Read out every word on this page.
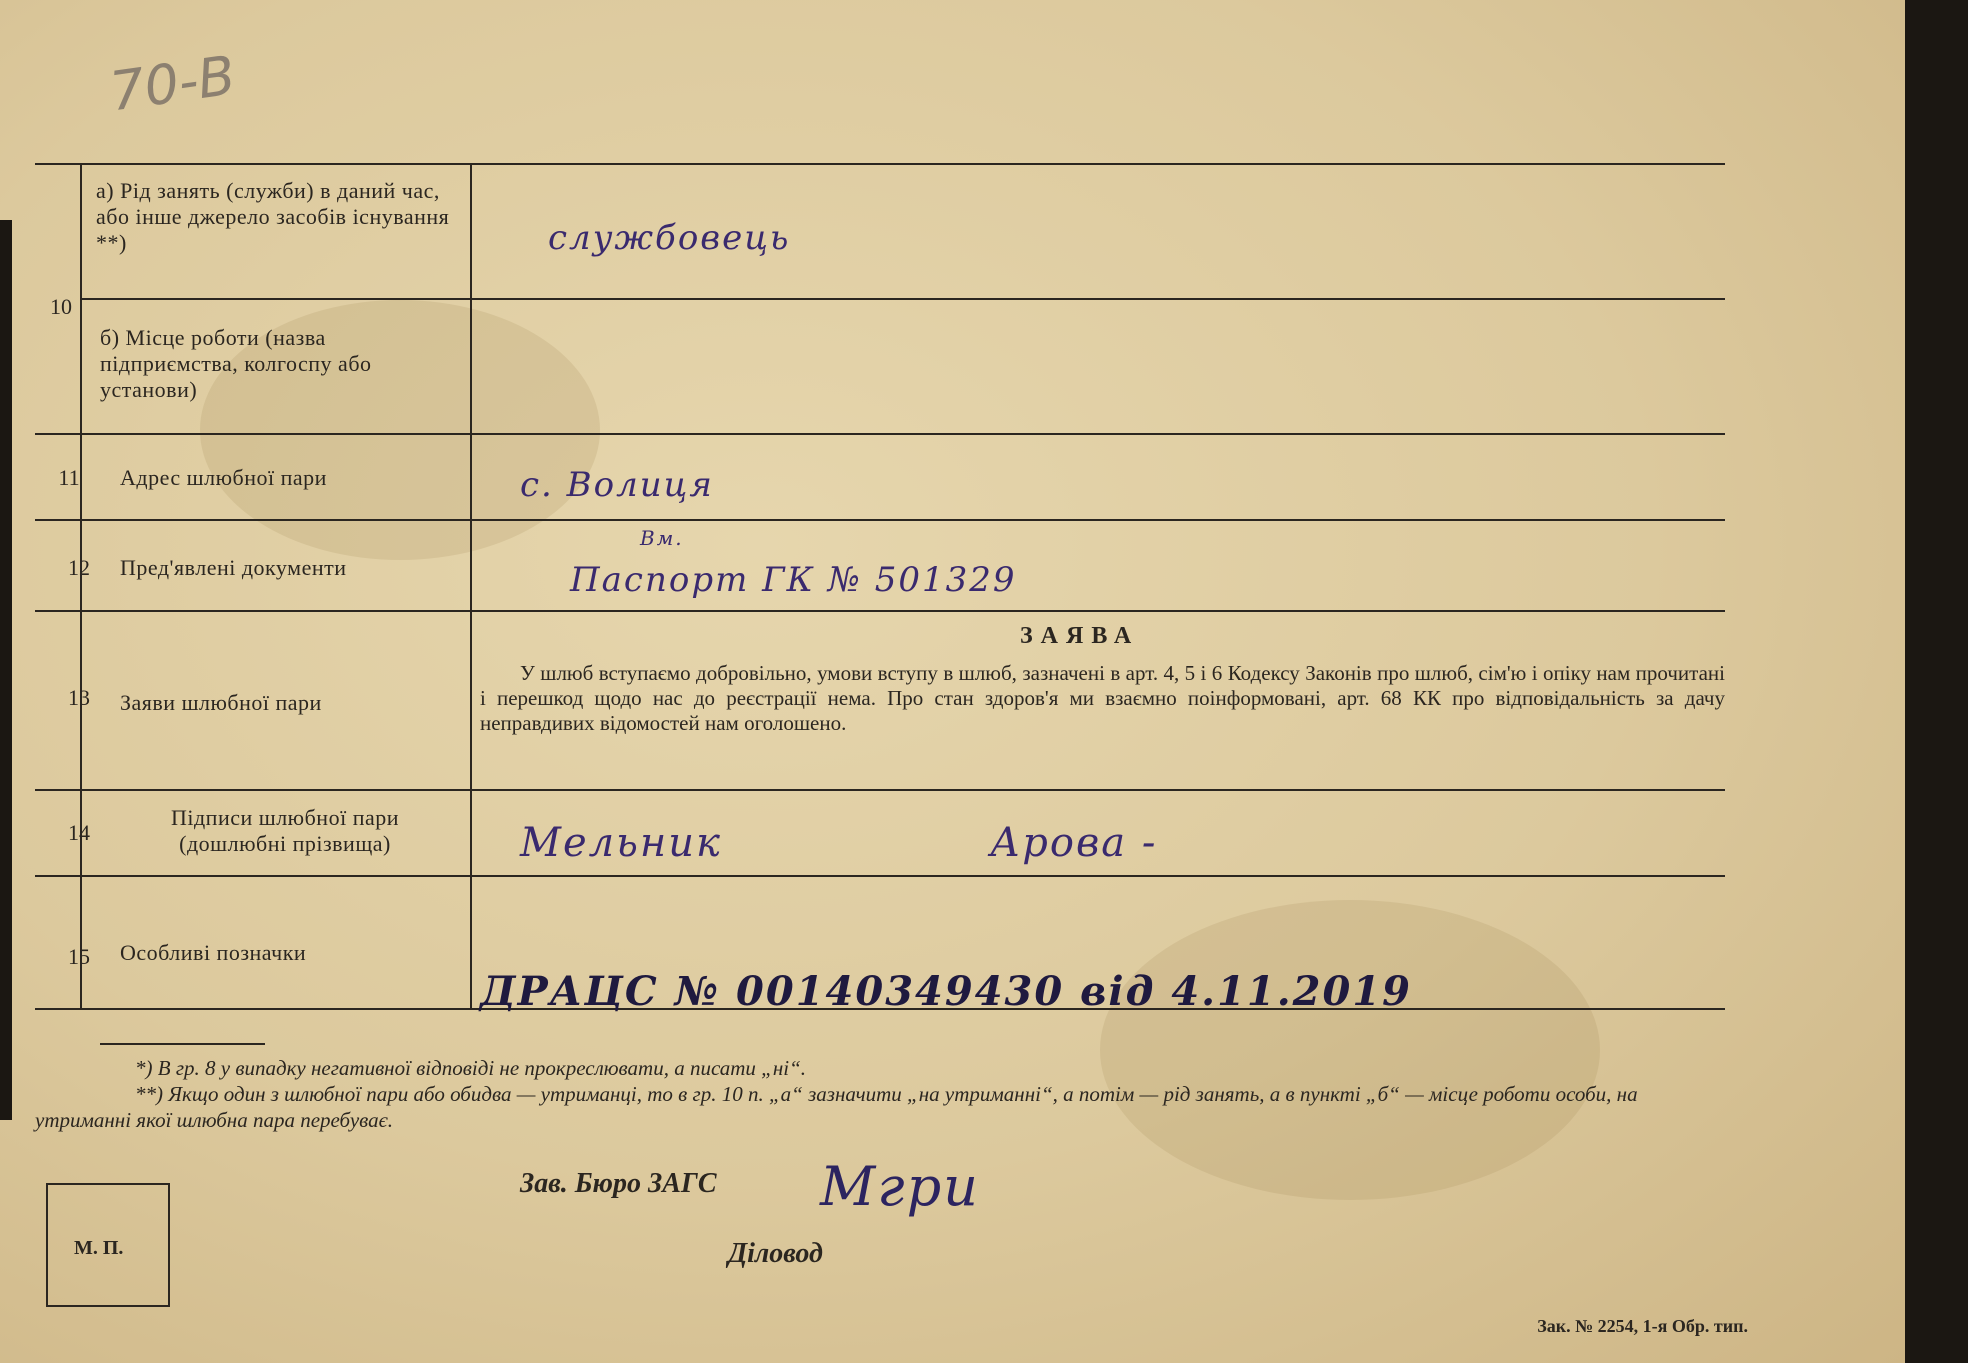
70-В
10
11
12
13
14
15
а) Рід занять (служби) в даний час, або інше джерело засобів існування **)
б) Місце роботи (назва підприємства, колгоспу або установи)
Адрес шлюбної пари
Пред'явлені документи
Заяви шлюбної пари
Підписи шлюбної пари (дошлюбні прізвища)
Особливі позначки
службовець
с. Волиця
Вм.
Паспорт ГК № 501329
ДРАЦС № 00140349430 від 4.11.2019
ЗАЯВА
У шлюб вступаємо добровільно, умови вступу в шлюб, зазначені в арт. 4, 5 і 6 Кодексу Законів про шлюб, сім'ю і опіку нам прочитані і перешкод щодо нас до реєстрації нема. Про стан здоров'я ми взаємно поінформовані, арт. 68 КК про відповідальність за дачу неправдивих відомостей нам оголошено.
Мельник	Арова -
*) В гр. 8 у випадку негативної відповіді не прокреслювати, а писати „ні“.
**) Якщо один з шлюбної пари або обидва — утриманці, то в гр. 10 п. „а“ зазначити „на утриманні“, а потім — рід занять, а в пункті „б“ — місце роботи особи, на утриманні якої шлюбна пара перебуває.
М. П.
Зав. Бюро ЗАГС
Діловод
Мгри
Зак. № 2254, 1-я Обр. тип.
